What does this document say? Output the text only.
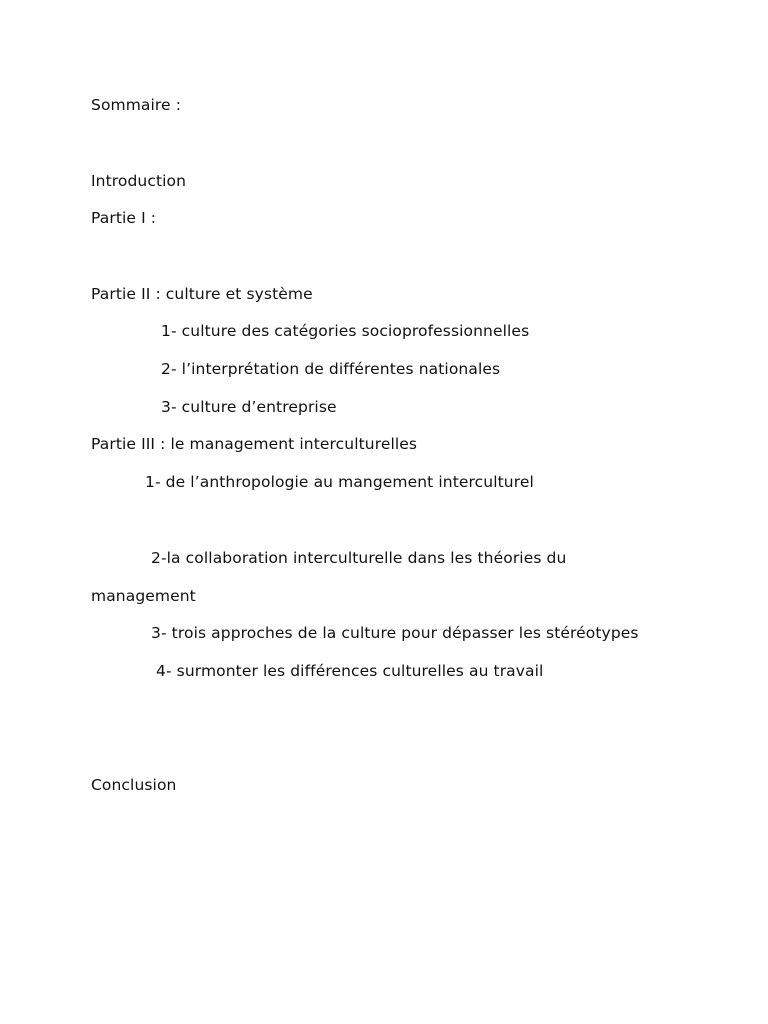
Sommaire :
Introduction
Partie I :
Partie II : culture et système
1- culture des catégories socioprofessionnelles
2- l’interprétation de différentes nationales
3- culture d’entreprise
Partie III : le management interculturelles
1- de l’anthropologie au mangement interculturel
2-la collaboration interculturelle dans les théories du
management
3- trois approches de la culture pour dépasser les stéréotypes
4- surmonter les différences culturelles au travail
Conclusion
